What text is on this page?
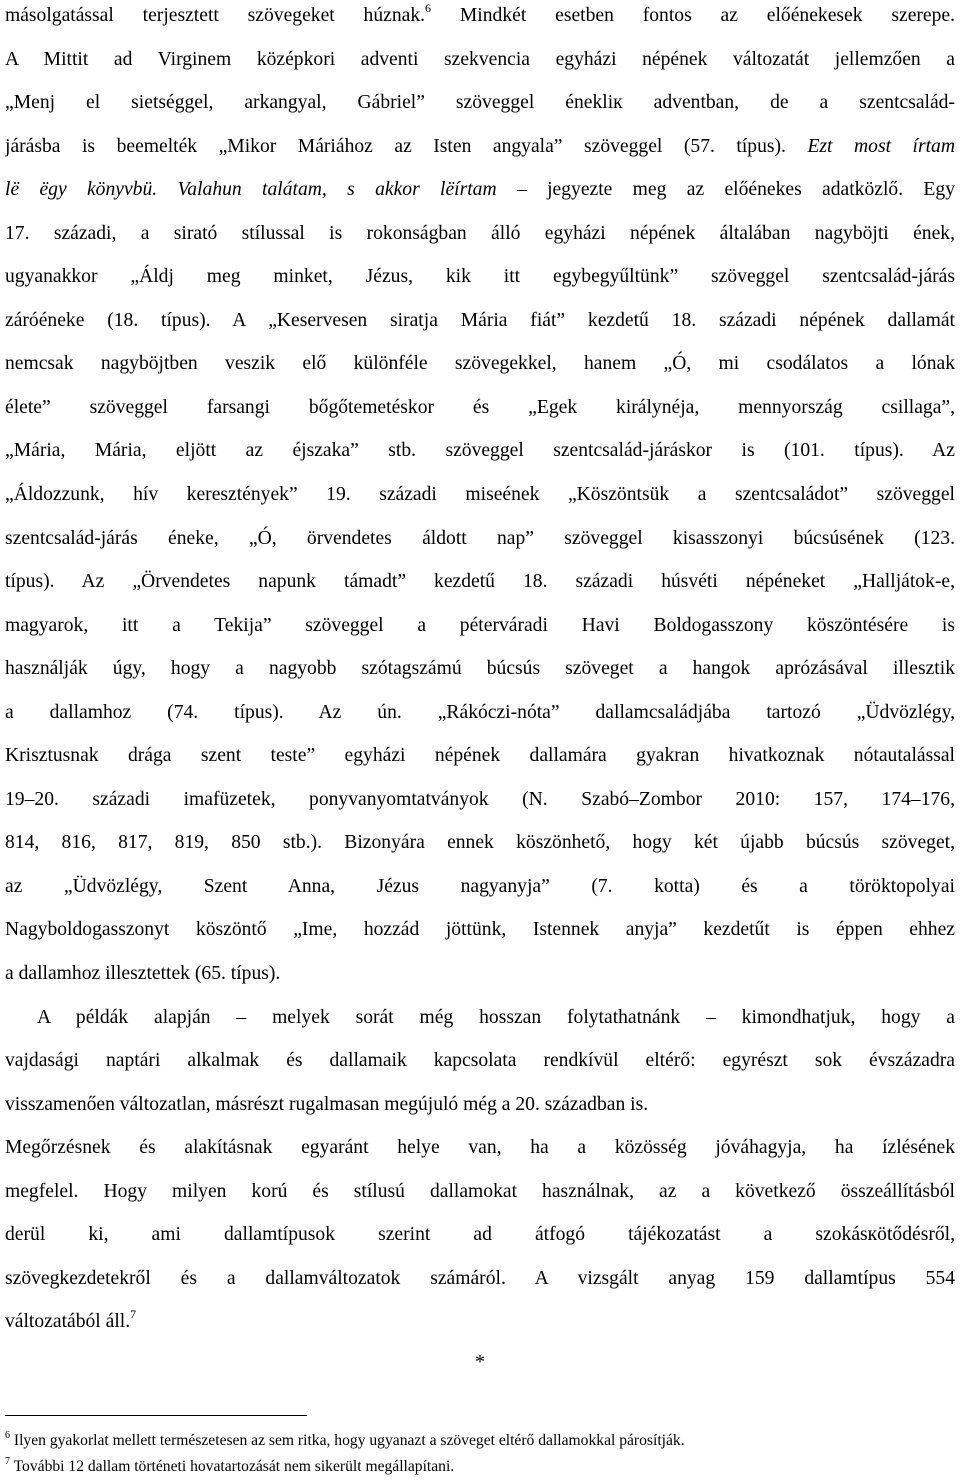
másolgatással terjesztett szövegeket húznak.$^6$ Mindkét esetben fontos az előénekesek szerepe.
A Mittit ad Virginem középkori adventi szekvencia egyházi népének változatát jellemzően a
„Menj el sietséggel, arkangyal, Gábriel” szöveggel énekliк adventban, de a szentcsalád-
járásba is beemelték „Mikor Máriához az Isten angyala” szöveggel (57. típus). Ezt most írtam
lë ëgy könyvbü. Valahun talátam, s akkor lëírtam – jegyezte meg az előénekes adatközlő. Egy
17. századi, a sirató stílussal is rokonságban álló egyházi népének általában nagyböjti ének,
ugyanakkor „Áldj meg minket, Jézus, kik itt egybegyűltünk” szöveggel szentcsalád-járás
záróéneke (18. típus). A „Keservesen siratja Mária fiát” kezdetű 18. századi népének dallamát
nemcsak nagyböjtben veszik elő különféle szövegekkel, hanem „Ó, mi csodálatos a lónak
élete” szöveggel farsangi bőgőtemetéskor és „Egek királynéja, mennyország csillaga”,
„Mária, Mária, eljött az éjszaka” stb. szöveggel szentcsalád-járáskor is (101. típus). Az
„Áldozzunk, hív keresztények” 19. századi miseének „Köszöntsük a szentcsaládot” szöveggel
szentcsalád-járás éneke, „Ó, örvendetes áldott nap” szöveggel kisasszonyi búcsúsének (123.
típus). Az „Örvendetes napunk támadt” kezdetű 18. századi húsvéti népéneket „Halljátok-e,
magyarok, itt a Tekija” szöveggel a péterváradi Havi Boldogasszony köszöntésére is
használják úgy, hogy a nagyobb szótagszámú búcsús szöveget a hangok aprózásával illesztik
a dallamhoz (74. típus). Az ún. „Rákóczi-nóta” dallamcsaládjába tartozó „Üdvözlégy,
Krisztusnak drága szent teste” egyházi népének dallamára gyakran hivatkoznak nótautalással
19–20. századi imafüzetek, ponyvanyomtatványok (N. Szabó–Zombor 2010: 157, 174–176,
814, 816, 817, 819, 850 stb.). Bizonyára ennek köszönhető, hogy két újabb búcsús szöveget,
az „Üdvözlégy, Szent Anna, Jézus nagyanyja” (7. kotta) és a töröktopolyai
Nagyboldogasszonyt köszöntő „Ime, hozzád jöttünk, Istennek anyja” kezdetűt is éppen ehhez
a dallamhoz illesztettek (65. típus).
A példák alapján – melyek sorát még hosszan folytathatnánk – kimondhatjuk, hogy a
vajdasági naptári alkalmak és dallamaik kapcsolata rendkívül eltérő: egyrészt sok évszázadra
visszamenően változatlan, másrészt rugalmasan megújuló még a 20. században is.
Megőrzésnek és alakításnak egyaránt helye van, ha a közösség jóváhagyja, ha ízlésének
megfelel. Hogy milyen korú és stílusú dallamokat használnak, az a következő összeállításból
derül ki, ami dallamtípusok szerint ad átfogó tájékozatást a szokásкötődésről,
szövegkezdetekről és a dallamváltozatok számáról. A vizsgált anyag 159 dallamtípus 554
változatából áll.$^7$
*
$^6$ Ilyen gyakorlat mellett természetesen az sem ritka, hogy ugyanazt a szöveget eltérő dallamokkal párosítják.
$^7$ További 12 dallam történeti hovatartozását nem sikerült megállapítani.
